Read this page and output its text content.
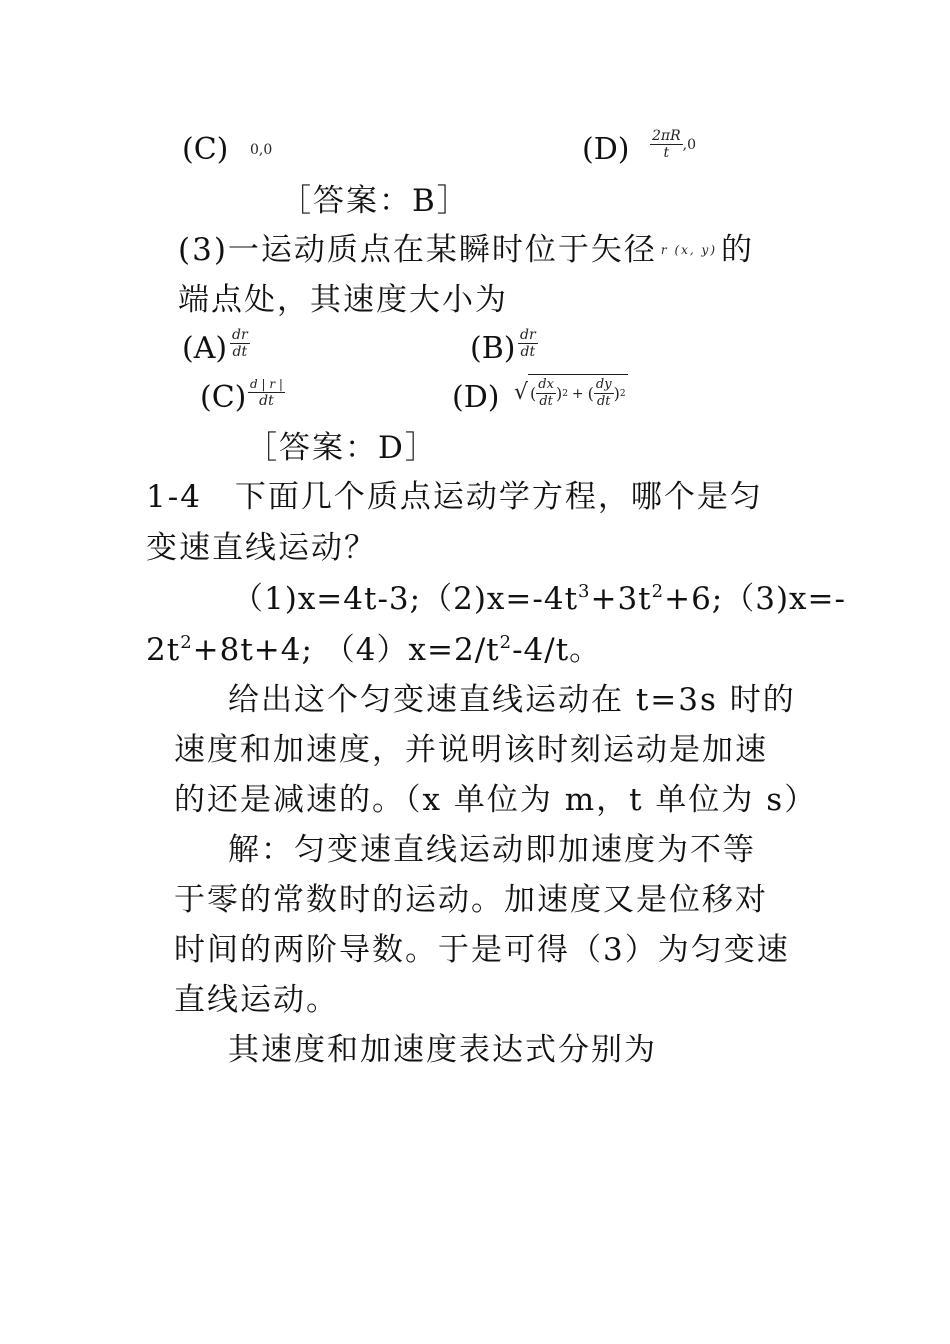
(C) 0,0	$(D) \frac{2\pi R}{t} ,0$
［答案：B］
(3)一运动质点在某瞬时位于矢径 r (x, y) 的
端点处，其速度大小为
$(A) \frac{dr}{dt}$	$(B) \frac{dr}{dt}$
$(C) \frac{d | r |}{dt}$	(D) √ ( $\frac{dx}{dt}$ ) 2 + ( $\frac{dy}{dt}$ ) 2
［答案：D］
1-4　下面几个质点运动学方程，哪个是匀
变速直线运动？
$(1)x=4t-3;(2)x=-4t^3+3t^2+6;(3)x=-$
$2t^2+8t+4$; $(4)x=2/t^2-4/t$。
给出这个匀变速直线运动在 t=3s 时的
速度和加速度，并说明该时刻运动是加速
的还是减速的。（x 单位为 m，t 单位为 s）
解：匀变速直线运动即加速度为不等
于零的常数时的运动。加速度又是位移对
时间的两阶导数。于是可得（3）为匀变速
直线运动。
其速度和加速度表达式分别为
